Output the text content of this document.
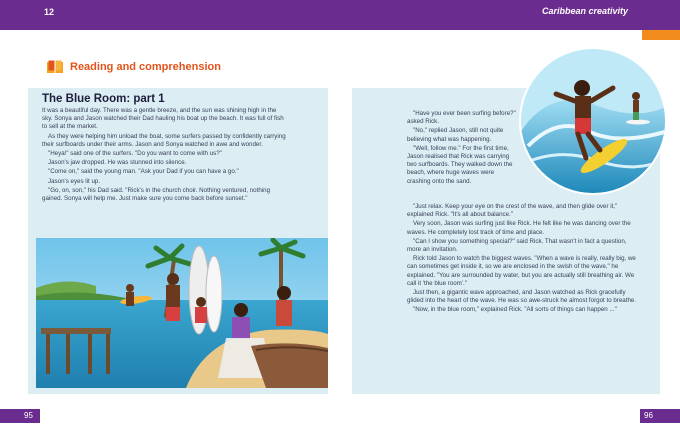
12	Caribbean creativity
Reading and comprehension
The Blue Room: part 1

It was a beautiful day. There was a gentle breeze, and the sun was shining high in the sky. Sonya and Jason watched their Dad hauling his boat up the beach. It was full of fish to sell at the market.

As they were helping him unload the boat, some surfers passed by confidently carrying their surfboards under their arms. Jason and Sonya watched in awe and wonder.

"Heya!" said one of the surfers. "Do you want to come with us?"

Jason's jaw dropped. He was stunned into silence.

"Come on," said the young man. "Ask your Dad if you can have a go."

Jason's eyes lit up.

"Go, on, son," his Dad said. "Rick's in the church choir. Nothing ventured, nothing gained. Sonya will help me. Just make sure you come back before sunset."

"Have you ever been surfing before?" asked Rick.

"No," replied Jason, still not quite believing what was happening.

"Well, follow me." For the first time, Jason realised that Rick was carrying two surfboards. They walked down the beach, where huge waves were crashing onto the sand.

"Just relax. Keep your eye on the crest of the wave, and then glide over it," explained Rick. "It's all about balance."

Very soon, Jason was surfing just like Rick. He felt like he was dancing over the waves. He completely lost track of time and place.

"Can I show you something special?" said Rick. That wasn't in fact a question, more an invitation.

Rick told Jason to watch the biggest waves. "When a wave is really, really big, we can sometimes get inside it, so we are enclosed in the swish of the wave," he explained. "You are surrounded by water, but you are actually still breathing air. We call it 'the blue room'."

Just then, a gigantic wave approached, and Jason watched as Rick gracefully glided into the heart of the wave. He was so awe-struck he almost forgot to breathe.

"Now, in the blue room," explained Rick. "All sorts of things can happen ..."

95	96
